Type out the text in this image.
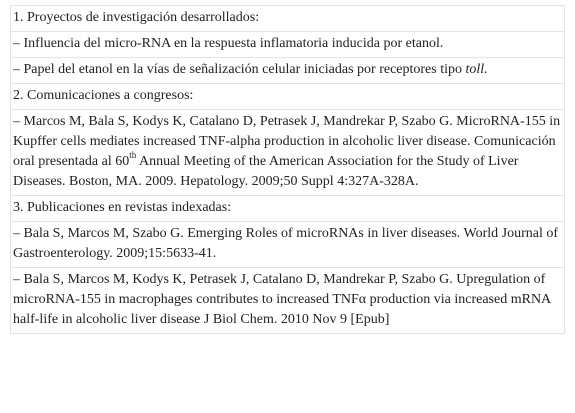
1. Proyectos de investigación desarrollados:
– Influencia del micro-RNA en la respuesta inflamatoria inducida por etanol.
– Papel del etanol en la vías de señalización celular iniciadas por receptores tipo toll.
2. Comunicaciones a congresos:
– Marcos M, Bala S, Kodys K, Catalano D, Petrasek J, Mandrekar P, Szabo G. MicroRNA-155 in Kupffer cells mediates increased TNF-alpha production in alcoholic liver disease. Comunicación oral presentada al 60th Annual Meeting of the American Association for the Study of Liver Diseases. Boston, MA. 2009. Hepatology. 2009;50 Suppl 4:327A-328A.
3. Publicaciones en revistas indexadas:
– Bala S, Marcos M, Szabo G. Emerging Roles of microRNAs in liver diseases. World Journal of Gastroenterology. 2009;15:5633-41.
– Bala S, Marcos M, Kodys K, Petrasek J, Catalano D, Mandrekar P, Szabo G. Upregulation of microRNA-155 in macrophages contributes to increased TNFα production via increased mRNA half-life in alcoholic liver disease J Biol Chem. 2010 Nov 9 [Epub]
